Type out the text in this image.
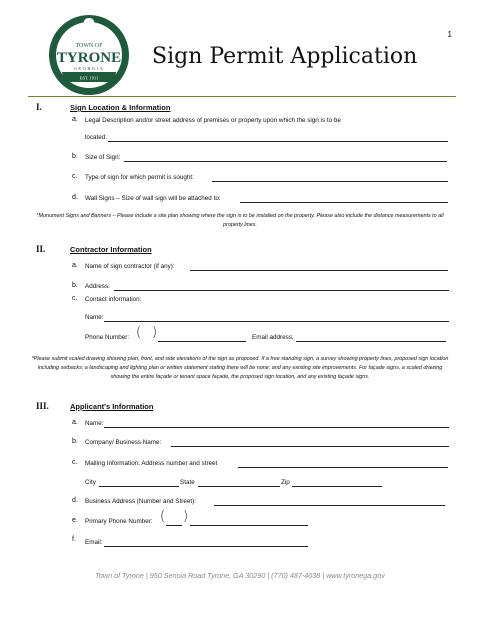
1
TOWN OF
TYRONE
GEORGIA
EST. 1911
Sign Permit Application
I.	Sign Location & Information
a. Legal Description and/or street address of premises or property upon which the sign is to be
located:
b. Size of Sign:
c. Type of sign for which permit is sought:
d. Wall Signs – Size of wall sign will be attached to:
*Monument Signs and Banners – Please include a site plan showing where the sign is to be installed on the property. Please also include the distance measurements to all property lines.
II.	Contractor Information
a. Name of sign contractor (if any):
b. Address:
c. Contact information:
Name:
Phone Number: ( )	Email address:
*Please submit scaled drawing showing plan, front, and side elevations of the sign as proposed. If a free standing sign, a survey showing property lines, proposed sign location including setbacks; a landscaping and lighting plan or written statement stating there will be none; and any existing site improvements. For façade signs, a scaled drawing showing the entire façade or tenant space façade, the proposed sign location, and any existing façade signs.
III.	Applicant's Information
a. Name:
b. Company/ Business Name:
c. Mailing Information: Address number and street
City	State	Zip
d. Business Address (Number and Street):
e. Primary Phone Number: ( )
f. Email:
Town of Tyrone | 950 Senoia Road Tyrone, GA 30290 | (770) 487-4038 | www.tyronega.gov
